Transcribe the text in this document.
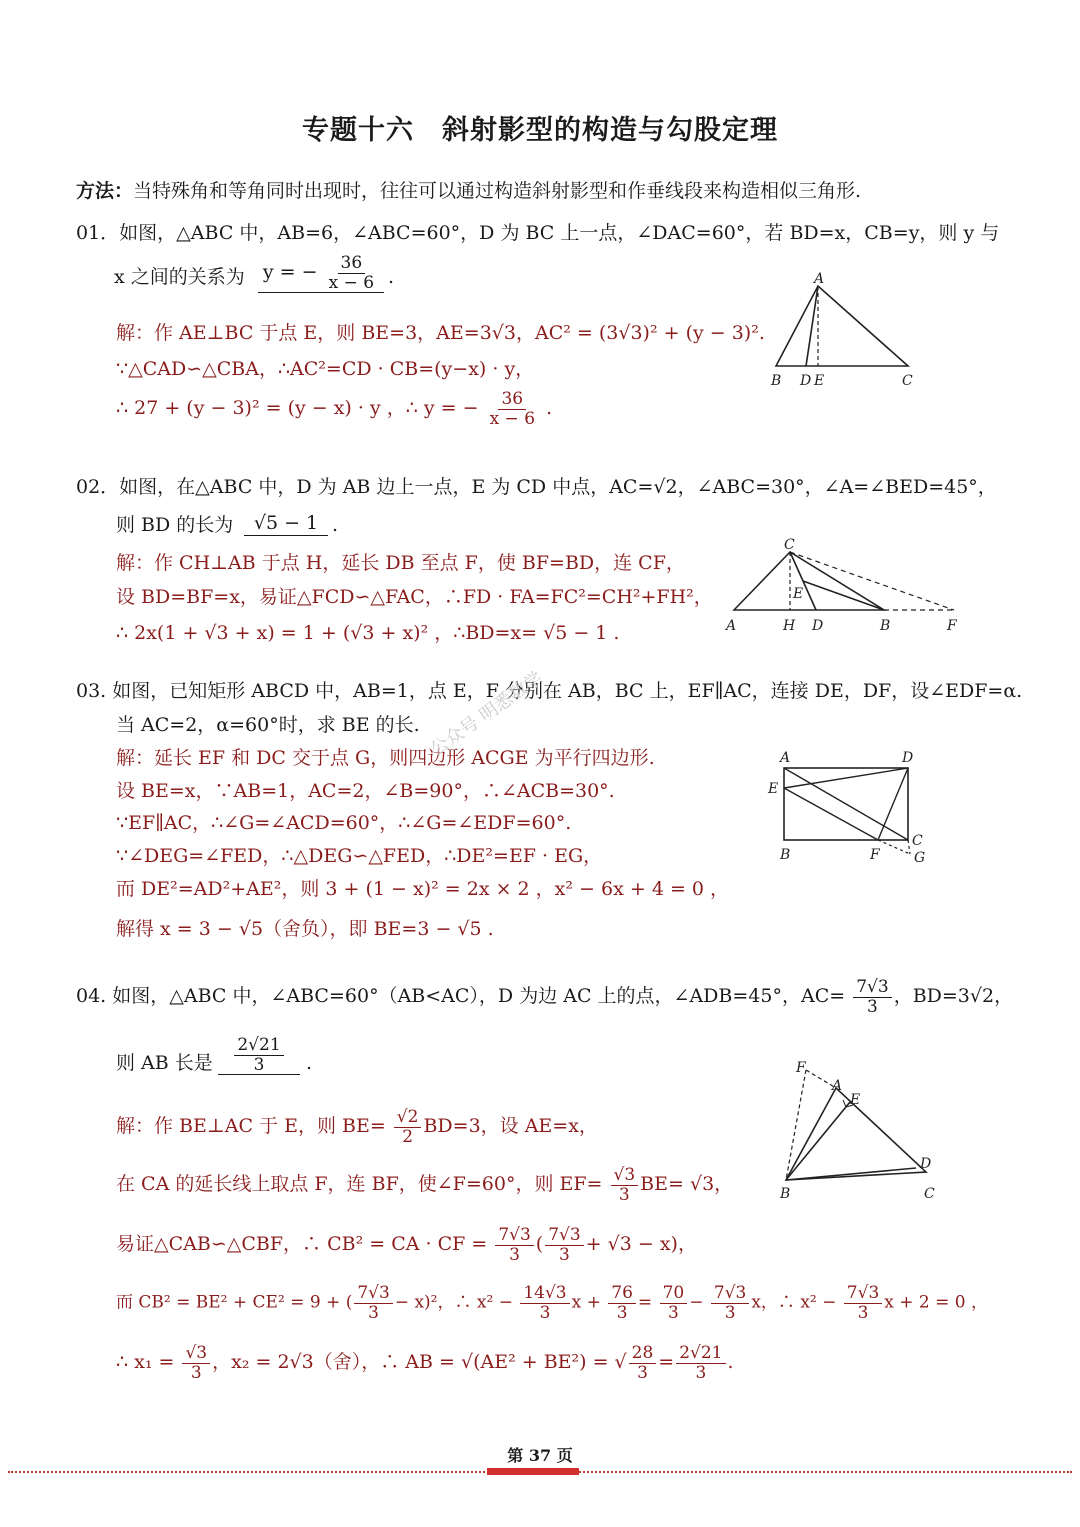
专题十六　斜射影型的构造与勾股定理
方法：当特殊角和等角同时出现时，往往可以通过构造斜射影型和作垂线段来构造相似三角形.
01．如图，△ABC 中，AB=6，∠ABC=60°，D 为 BC 上一点，∠DAC=60°，若 BD=x，CB=y，则 y 与
x 之间的关系为 y = − $\frac{36}{x - 6}$ .
解：作 AE⊥BC 于点 E，则 BE=3，AE=3√3，AC² = (3√3)² + (y − 3)².
∵△CAD∽△CBA，∴AC²=CD · CB=(y−x) · y，
∴ 27 + (y − 3)² = (y − x) · y ，∴ y = − $\frac{36}{x - 6}$ .
A
B D E	C
02．如图，在△ABC 中，D 为 AB 边上一点，E 为 CD 中点，AC=√2，∠ABC=30°，∠A=∠BED=45°，
则 BD 的长为	√5 − 1 .
解：作 CH⊥AB 于点 H，延长 DB 至点 F，使 BF=BD，连 CF，
设 BD=BF=x，易证△FCD∽△FAC，∴FD · FA=FC²=CH²+FH²，
∴ 2x(1 + √3 + x) = 1 + (√3 + x)² ，∴BD=x= √5 − 1 .
C
E
A	H D	B	F
03. 如图，已知矩形 ABCD 中，AB=1，点 E，F 分别在 AB，BC 上，EF∥AC，连接 DE，DF，设∠EDF=α.
当 AC=2，α=60°时，求 BE 的长.
解：延长 EF 和 DC 交于点 G，则四边形 ACGE 为平行四边形.
设 BE=x，∵AB=1，AC=2，∠B=90°，∴∠ACB=30°.
∵EF∥AC，∴∠G=∠ACD=60°，∴∠G=∠EDF=60°.
∵∠DEG=∠FED，∴△DEG∽△FED，∴DE²=EF · EG，
而 DE²=AD²+AE²，则 3 + (1 − x)² = 2x × 2 ，x² − 6x + 4 = 0 ，
解得 x = 3 − √5（舍负），即 BE=3 − √5 .
公众号 明悉数学	A	D
E
B	F
C
G
04. 如图，△ABC 中，∠ABC=60°（AB<AC），D 为边 AC 上的点，∠ADB=45°，$AC= \frac{7√3}{3}$ ，BD=3√2，
则 AB 长是 $\frac{2√21}{3}$ .
解：作 BE⊥AC 于 E，则 $BE= \frac{√2}{2} BD=3$，设 AE=x，
在 CA 的延长线上取点 F，连 BF，使∠F=60°，则 $EF= \frac{√3}{3} BE= √3$，
易证△CAB∽△CBF，∴ CB² = CA · CF = $\frac{7√3}{3}$ ( $\frac{7√3}{3} + √3 - x$)，
而 CB² = BE² + CE² = 9 + ( $\frac{7√3}{3} - x)^2$，∴ $x^2 - \frac{14√3}{3}$ $x + \frac{76}{3} = \frac{70}{3} - \frac{7√3}{3}$ x，∴ $x^2 - \frac{7√3}{3}$ x + 2 = 0 ，
∴ $x_1 = \frac{√3}{3}$ ，x₂ = 2√3（舍），∴ AB = √(AE² + BE²) = √ $\frac{28}{3} = \frac{2√21}{3}$ .
F
A
E
D
B	C
第 37 页
